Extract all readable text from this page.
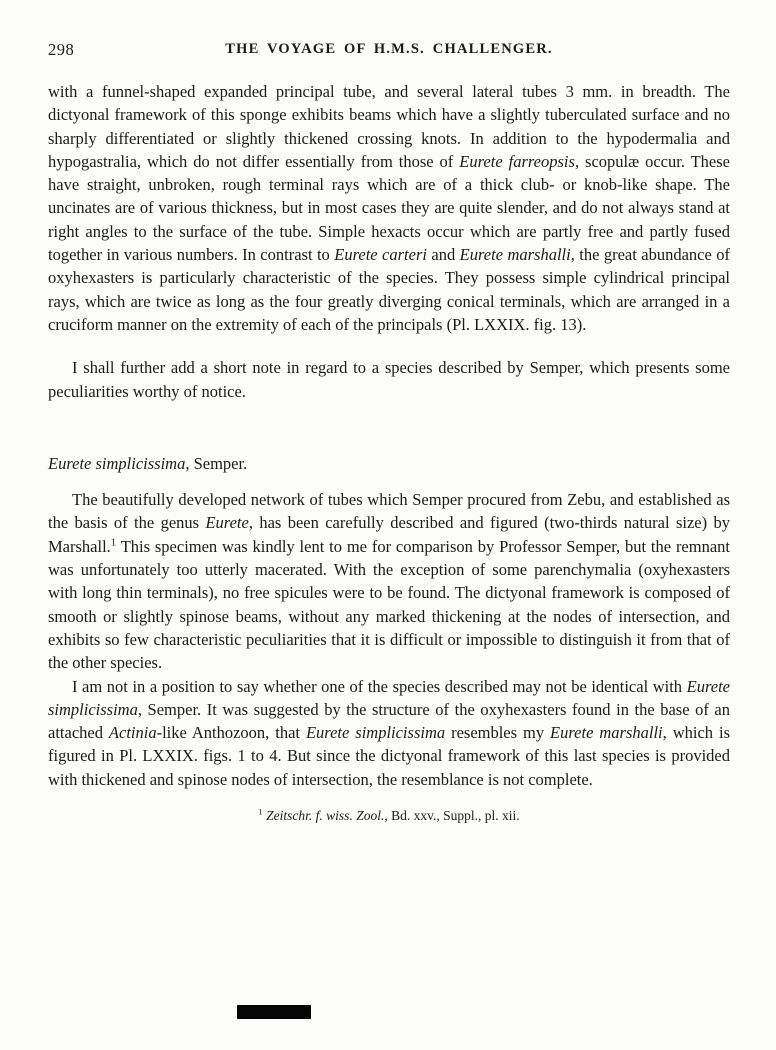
298	THE VOYAGE OF H.M.S. CHALLENGER.

with a funnel-shaped expanded principal tube, and several lateral tubes 3 mm. in breadth. The dictyonal framework of this sponge exhibits beams which have a slightly tuberculated surface and no sharply differentiated or slightly thickened crossing knots. In addition to the hypodermalia and hypogastralia, which do not differ essentially from those of Eurete farreopsis, scopulæ occur. These have straight, unbroken, rough terminal rays which are of a thick club- or knob-like shape. The uncinates are of various thickness, but in most cases they are quite slender, and do not always stand at right angles to the surface of the tube. Simple hexacts occur which are partly free and partly fused together in various numbers. In contrast to Eurete carteri and Eurete marshalli, the great abundance of oxyhexasters is particularly characteristic of the species. They possess simple cylindrical principal rays, which are twice as long as the four greatly diverging conical terminals, which are arranged in a cruciform manner on the extremity of each of the principals (Pl. LXXIX. fig. 13).

I shall further add a short note in regard to a species described by Semper, which presents some peculiarities worthy of notice.

Eurete simplicissima, Semper.

The beautifully developed network of tubes which Semper procured from Zebu, and established as the basis of the genus Eurete, has been carefully described and figured (two-thirds natural size) by Marshall.$^1$ This specimen was kindly lent to me for comparison by Professor Semper, but the remnant was unfortunately too utterly macerated. With the exception of some parenchymalia (oxyhexasters with long thin terminals), no free spicules were to be found. The dictyonal framework is composed of smooth or slightly spinose beams, without any marked thickening at the nodes of intersection, and exhibits so few characteristic peculiarities that it is difficult or impossible to distinguish it from that of the other species.

I am not in a position to say whether one of the species described may not be identical with Eurete simplicissima, Semper. It was suggested by the structure of the oxyhexasters found in the base of an attached Actinia-like Anthozoon, that Eurete simplicissima resembles my Eurete marshalli, which is figured in Pl. LXXIX. figs. 1 to 4. But since the dictyonal framework of this last species is provided with thickened and spinose nodes of intersection, the resemblance is not complete.

$^1$ Zeitschr. f. wiss. Zool., Bd. xxv., Suppl., pl. xii.
